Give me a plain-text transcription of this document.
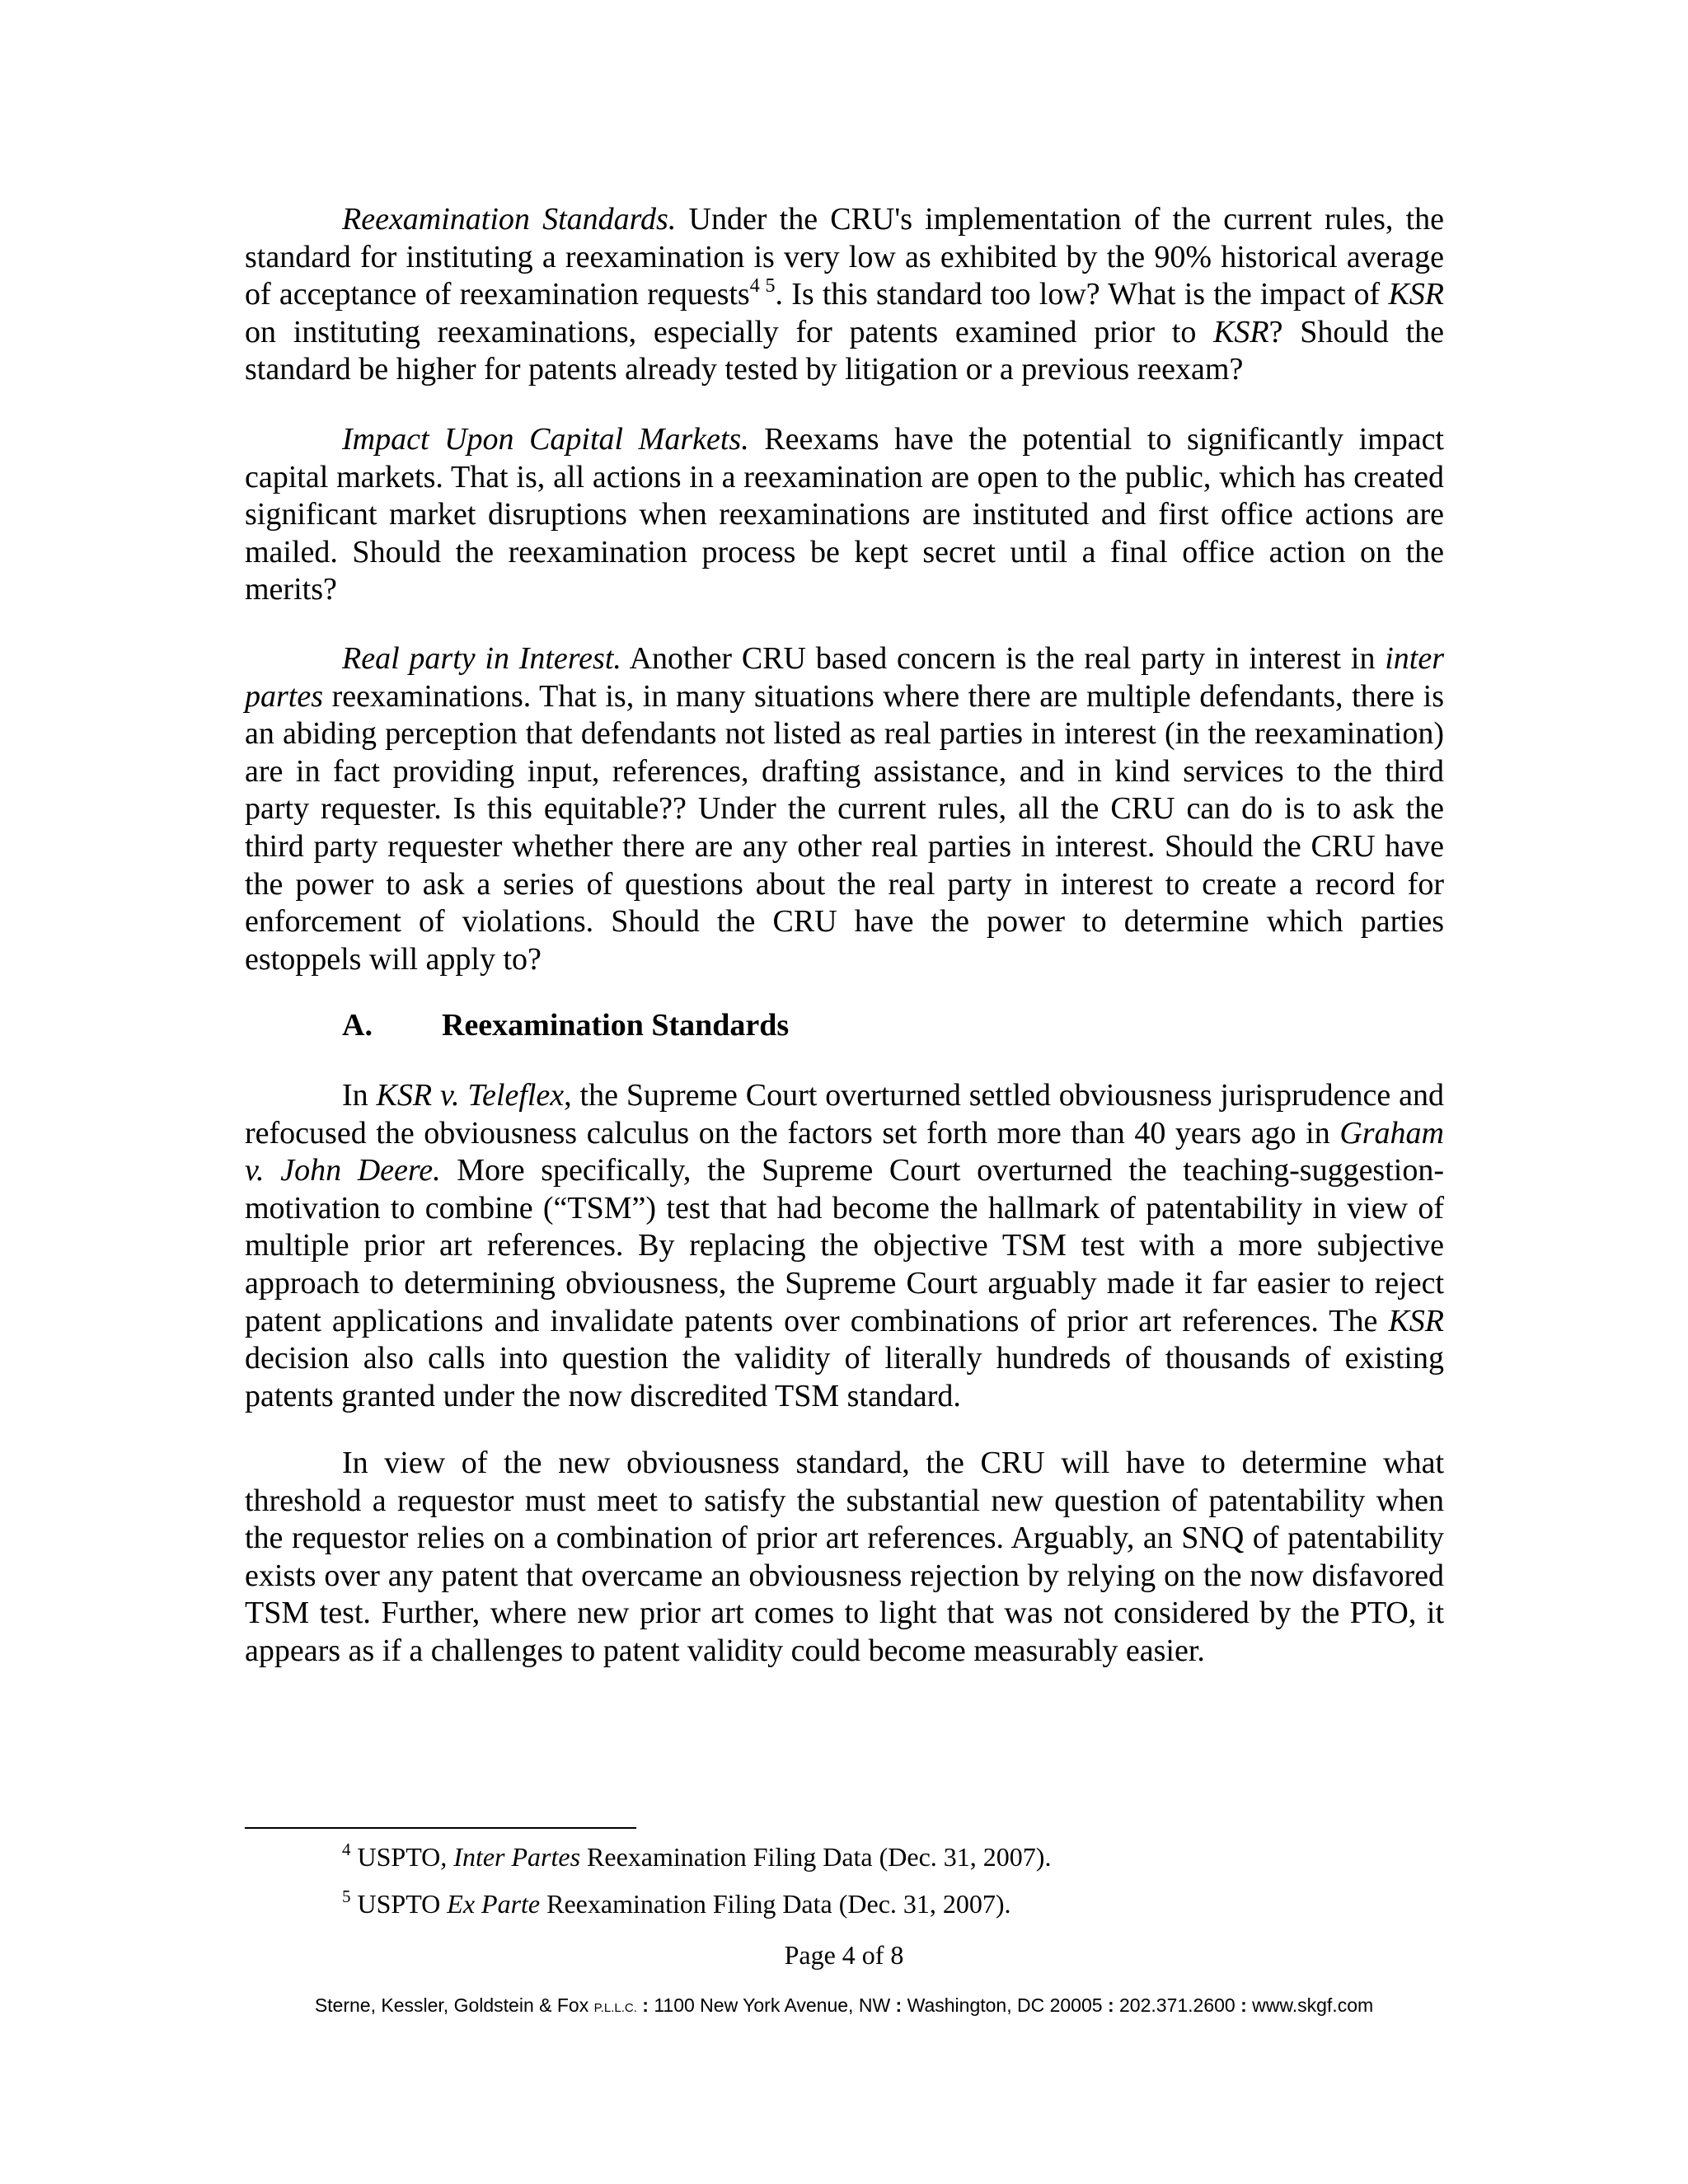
Reexamination Standards. Under the CRU's implementation of the current rules, the standard for instituting a reexamination is very low as exhibited by the 90% historical average of acceptance of reexamination requests$^4$ $^5$. Is this standard too low? What is the impact of KSR on instituting reexaminations, especially for patents examined prior to KSR? Should the standard be higher for patents already tested by litigation or a previous reexam?

Impact Upon Capital Markets. Reexams have the potential to significantly impact capital markets. That is, all actions in a reexamination are open to the public, which has created significant market disruptions when reexaminations are instituted and first office actions are mailed. Should the reexamination process be kept secret until a final office action on the merits?

Real party in Interest. Another CRU based concern is the real party in interest in inter partes reexaminations. That is, in many situations where there are multiple defendants, there is an abiding perception that defendants not listed as real parties in interest (in the reexamination) are in fact providing input, references, drafting assistance, and in kind services to the third party requester. Is this equitable?? Under the current rules, all the CRU can do is to ask the third party requester whether there are any other real parties in interest. Should the CRU have the power to ask a series of questions about the real party in interest to create a record for enforcement of violations. Should the CRU have the power to determine which parties estoppels will apply to?

A. Reexamination Standards

In KSR v. Teleflex, the Supreme Court overturned settled obviousness jurisprudence and refocused the obviousness calculus on the factors set forth more than 40 years ago in Graham v. John Deere. More specifically, the Supreme Court overturned the teaching-suggestion-motivation to combine (“TSM”) test that had become the hallmark of patentability in view of multiple prior art references. By replacing the objective TSM test with a more subjective approach to determining obviousness, the Supreme Court arguably made it far easier to reject patent applications and invalidate patents over combinations of prior art references. The KSR decision also calls into question the validity of literally hundreds of thousands of existing patents granted under the now discredited TSM standard.

In view of the new obviousness standard, the CRU will have to determine what threshold a requestor must meet to satisfy the substantial new question of patentability when the requestor relies on a combination of prior art references. Arguably, an SNQ of patentability exists over any patent that overcame an obviousness rejection by relying on the now disfavored TSM test. Further, where new prior art comes to light that was not considered by the PTO, it appears as if a challenges to patent validity could become measurably easier.

$^4$ USPTO, Inter Partes Reexamination Filing Data (Dec. 31, 2007).

$^5$ USPTO Ex Parte Reexamination Filing Data (Dec. 31, 2007).

Page 4 of 8

Sterne, Kessler, Goldstein & Fox P.L.L.C. : 1100 New York Avenue, NW : Washington, DC 20005 : 202.371.2600 : www.skgf.com
